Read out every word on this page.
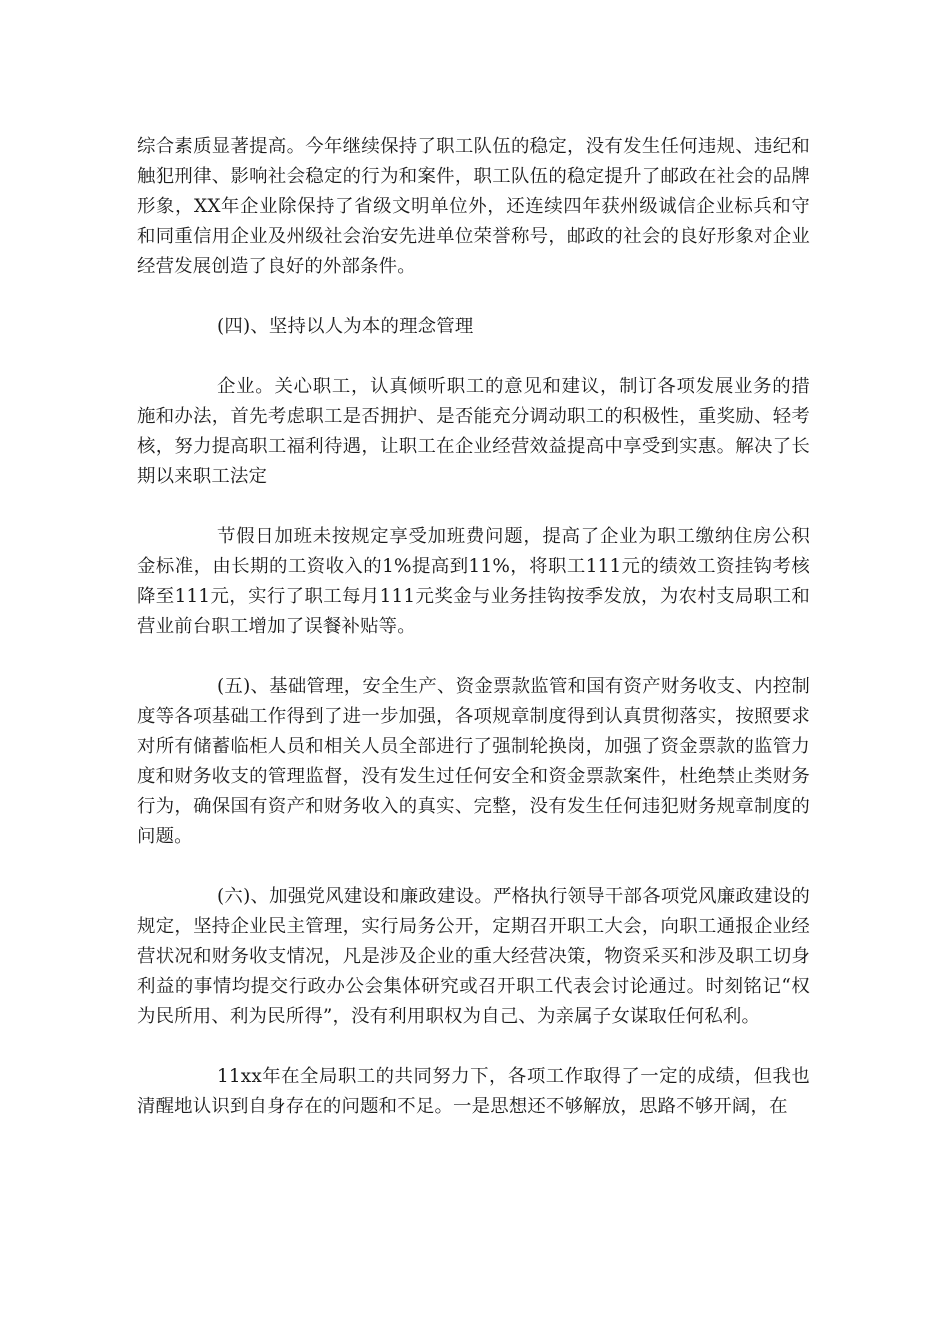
综合素质显著提高。今年继续保持了职工队伍的稳定，没有发生任何违规、违纪和触犯刑律、影响社会稳定的行为和案件，职工队伍的稳定提升了邮政在社会的品牌形象，XX年企业除保持了省级文明单位外，还连续四年获州级诚信企业标兵和守和同重信用企业及州级社会治安先进单位荣誉称号，邮政的社会的良好形象对企业经营发展创造了良好的外部条件。

(四)、坚持以人为本的理念管理

企业。关心职工，认真倾听职工的意见和建议，制订各项发展业务的措施和办法，首先考虑职工是否拥护、是否能充分调动职工的积极性，重奖励、轻考核，努力提高职工福利待遇，让职工在企业经营效益提高中享受到实惠。解决了长期以来职工法定

节假日加班未按规定享受加班费问题，提高了企业为职工缴纳住房公积金标准，由长期的工资收入的1%提高到11%，将职工111元的绩效工资挂钩考核降至111元，实行了职工每月111元奖金与业务挂钩按季发放，为农村支局职工和营业前台职工增加了误餐补贴等。

(五)、基础管理，安全生产、资金票款监管和国有资产财务收支、内控制度等各项基础工作得到了进一步加强，各项规章制度得到认真贯彻落实，按照要求对所有储蓄临柜人员和相关人员全部进行了强制轮换岗，加强了资金票款的监管力度和财务收支的管理监督，没有发生过任何安全和资金票款案件，杜绝禁止类财务行为，确保国有资产和财务收入的真实、完整，没有发生任何违犯财务规章制度的问题。

(六)、加强党风建设和廉政建设。严格执行领导干部各项党风廉政建设的规定，坚持企业民主管理，实行局务公开，定期召开职工大会，向职工通报企业经营状况和财务收支情况，凡是涉及企业的重大经营决策，物资采买和涉及职工切身利益的事情均提交行政办公会集体研究或召开职工代表会讨论通过。时刻铭记“权为民所用、利为民所得”，没有利用职权为自己、为亲属子女谋取任何私利。

11xx年在全局职工的共同努力下，各项工作取得了一定的成绩，但我也清醒地认识到自身存在的问题和不足。一是思想还不够解放，思路不够开阔，在
